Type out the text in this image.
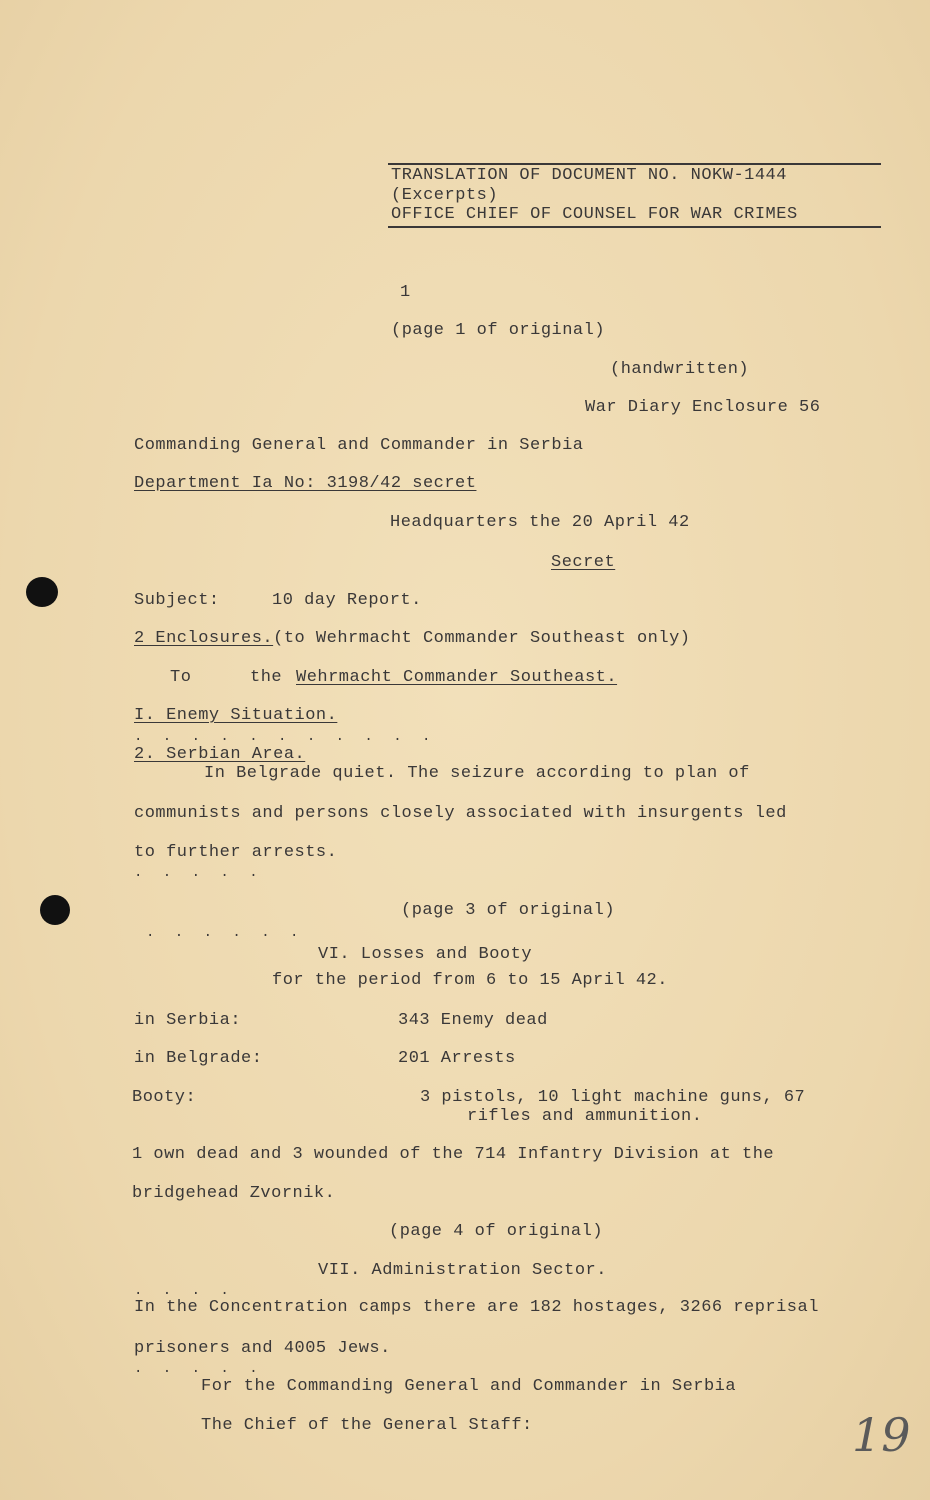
TRANSLATION OF DOCUMENT NO. NOKW-1444
(Excerpts)
OFFICE CHIEF OF COUNSEL FOR WAR CRIMES
1
(page 1 of original)
(handwritten)
War Diary Enclosure 56
Commanding General and Commander in Serbia
Department Ia No: 3198/42 secret
Headquarters the 20 April 42
Secret
Subject:	10 day Report.
2 Enclosures.(to Wehrmacht Commander Southeast only)
To	the Wehrmacht Commander Southeast.
I. Enemy Situation.
. . . . . . . . . . .
2. Serbian Area.
In Belgrade quiet. The seizure according to plan of
communists and persons closely associated with insurgents led
to further arrests.
. . . . .
(page 3 of original)
. . . . . .
VI. Losses and Booty
for the period from 6 to 15 April 42.
in Serbia:	343 Enemy dead
in Belgrade:	201 Arrests
Booty:	3 pistols, 10 light machine guns, 67
rifles and ammunition.
1 own dead and 3 wounded of the 714 Infantry Division at the
bridgehead Zvornik.
(page 4 of original)
VII. Administration Sector.
. . . .
In the Concentration camps there are 182 hostages, 3266 reprisal
prisoners and 4005 Jews.
. . . . .
For the Commanding General and Commander in Serbia
The Chief of the General Staff:	19
